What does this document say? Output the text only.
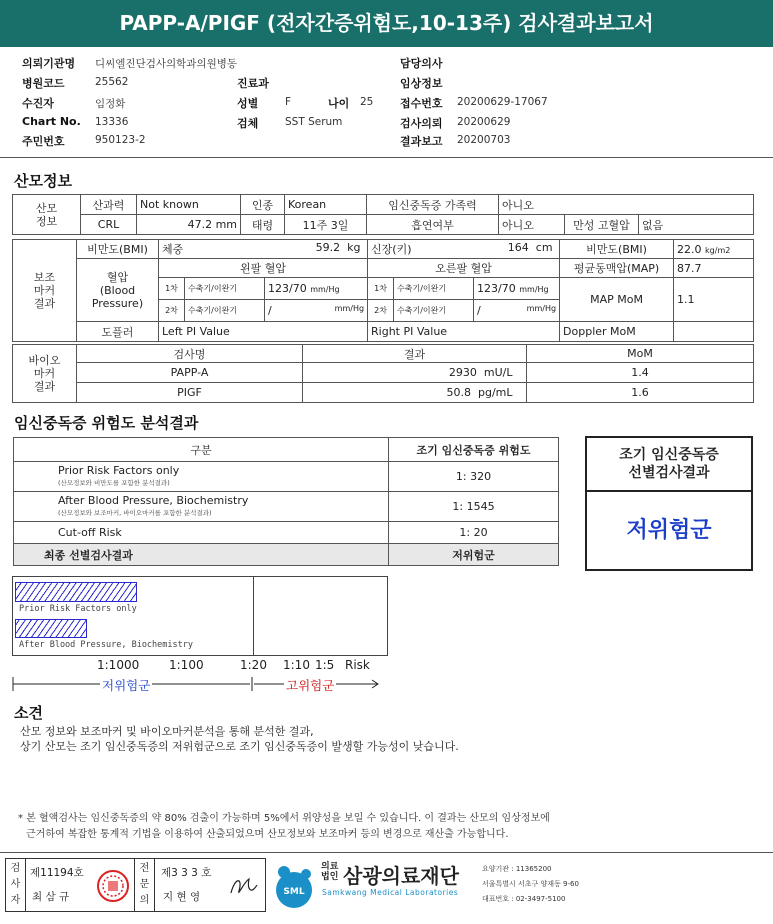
PAPP-A/PIGF (전자간증위험도,10-13주) 검사결과보고서
의뢰기관명 디씨엘진단검사의학과의원병동
병원코드	25562
수진자	임정화
Chart No. 13336
주민번호	950123-2
진료과
성별	F	나이 25
검체	SST Serum
담당의사
임상정보
접수번호 20200629-17067
검사의뢰 20200629
결과보고 20200703
산모정보
산모
정보	산과력	Not known	인종	Korean	임신중독증 가족력	아니오		
	CRL	47.2 mm	태령	11주 3일	흡연여부	아니오	만성 고혈압	없음
보조
마커
결과	비만도(BMI)	체중 59.2 kg			신장(키) 164 cm			비만도(BMI)	22.0 kg/m2
	혈압
(Blood
Pressure)	왼팔 혈압			오른팔 혈압			평균동맥압(MAP)	87.7
		1차	수축기/이완기	123/70 mm/Hg	1차	수축기/이완기	123/70 mm/Hg	MAP MoM	1.1
		2차	수축기/이완기	/ mm/Hg	2차	수축기/이완기	/ mm/Hg		

	도플러	Left PI Value			Right PI Value			Doppler MoM	
바이오
마커
결과	검사명	결과	MoM
	PAPP-A	2930 mU/L	1.4
	PIGF	50.8 pg/mL	1.6
임신중독증 위험도 분석결과
구분	조기 임신중독증 위험도

Prior Risk Factors only
(산모정보와 비만도를 포함한 분석결과)	1: 320

After Blood Pressure, Biochemistry
(산모정보와 보조마커, 바이오마커를 포함한 분석결과)	1: 1545
Cut-off Risk	1: 20
최종 선별검사결과	저위험군
조기 임신중독증
선별검사결과
저위험군
Prior Risk Factors only
After Blood Pressure, Biochemistry
1:1000 1:100	1:20 1:10 1:5 Risk
저위험군	고위험군
소견
산모 정보와 보조마커 및 바이오마커분석을 통해 분석한 결과,
상기 산모는 조기 임신중독증의 저위험군으로 조기 임신중독증이 발생할 가능성이 낮습니다.
* 본 혈액검사는 임신중독증의 약 80% 검출이 가능하며 5%에서 위양성을 보일 수 있습니다. 이 결과는 산모의 임상정보에
근거하여 복잡한 통계적 기법을 이용하여 산출되었으며 산모정보와 보조마커 등의 변경으로 재산출 가능합니다.
검사자
제11194호
최 삼 규
전문의
제3 3 3 호
지 현 영	SML
의료
법인 삼광의료재단
Samkwang Medical Laboratories
요양기관 : 11365200
서울특별시 서초구 양재동 9-60
대표번호 : 02-3497-5100
